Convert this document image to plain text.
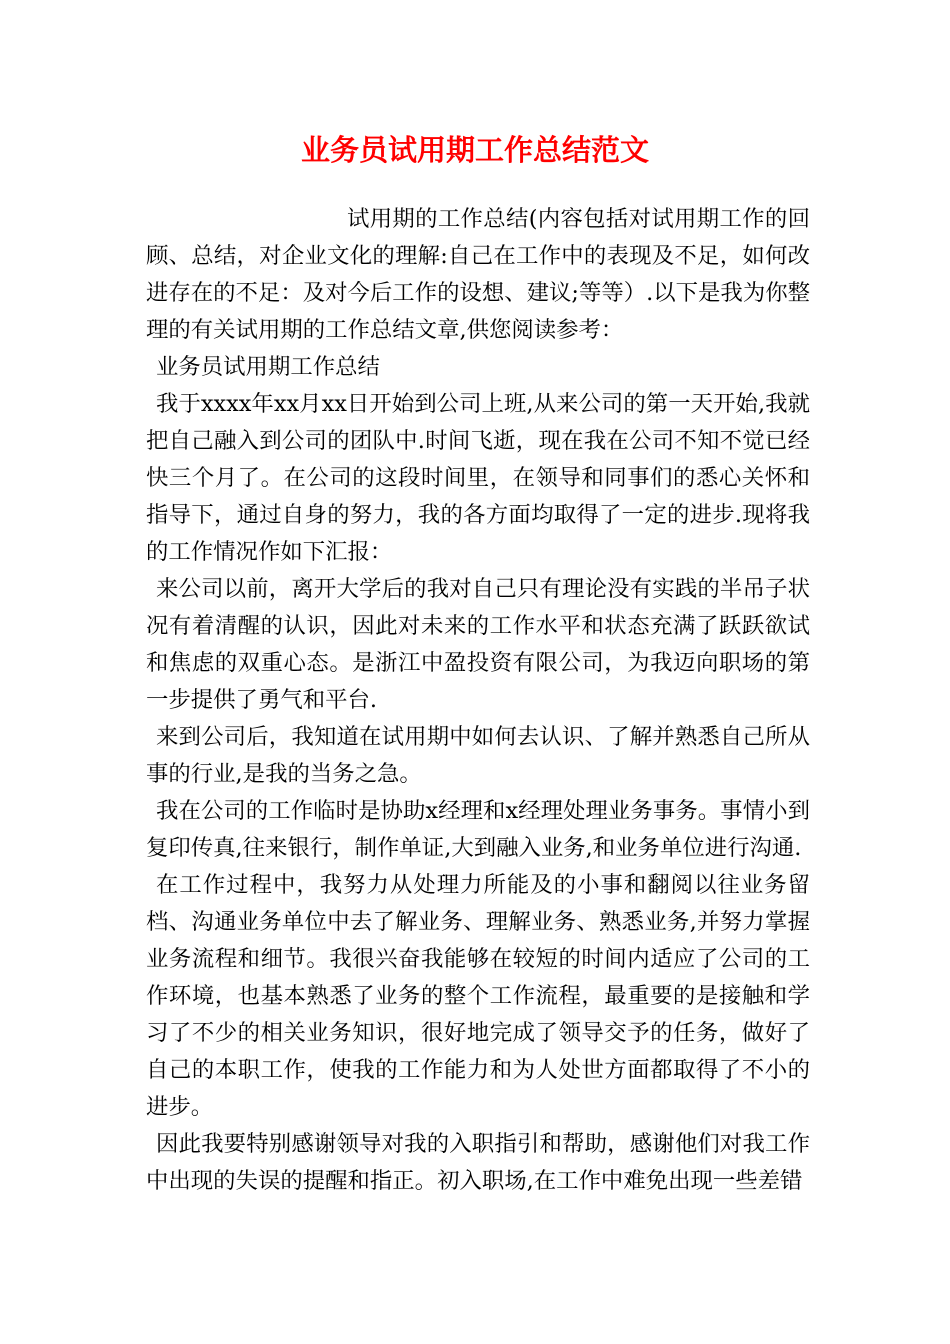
业务员试用期工作总结范文

试用期的工作总结(内容包括对试用期工作的回顾、总结，对企业文化的理解:自己在工作中的表现及不足，如何改进存在的不足：及对今后工作的设想、建议;等等）.以下是我为你整理的有关试用期的工作总结文章,供您阅读参考：

业务员试用期工作总结

我于xxxx年xx月xx日开始到公司上班,从来公司的第一天开始,我就把自己融入到公司的团队中.时间飞逝，现在我在公司不知不觉已经快三个月了。在公司的这段时间里，在领导和同事们的悉心关怀和指导下，通过自身的努力，我的各方面均取得了一定的进步.现将我的工作情况作如下汇报：

来公司以前，离开大学后的我对自己只有理论没有实践的半吊子状况有着清醒的认识，因此对未来的工作水平和状态充满了跃跃欲试和焦虑的双重心态。是浙江中盈投资有限公司，为我迈向职场的第一步提供了勇气和平台.

来到公司后，我知道在试用期中如何去认识、了解并熟悉自己所从事的行业,是我的当务之急。

我在公司的工作临时是协助x经理和x经理处理业务事务。事情小到复印传真,往来银行，制作单证,大到融入业务,和业务单位进行沟通.

在工作过程中，我努力从处理力所能及的小事和翻阅以往业务留档、沟通业务单位中去了解业务、理解业务、熟悉业务,并努力掌握业务流程和细节。我很兴奋我能够在较短的时间内适应了公司的工作环境，也基本熟悉了业务的整个工作流程，最重要的是接触和学习了不少的相关业务知识，很好地完成了领导交予的任务，做好了自己的本职工作，使我的工作能力和为人处世方面都取得了不小的进步。

因此我要特别感谢领导对我的入职指引和帮助，感谢他们对我工作中出现的失误的提醒和指正。初入职场,在工作中难免出现一些差错
